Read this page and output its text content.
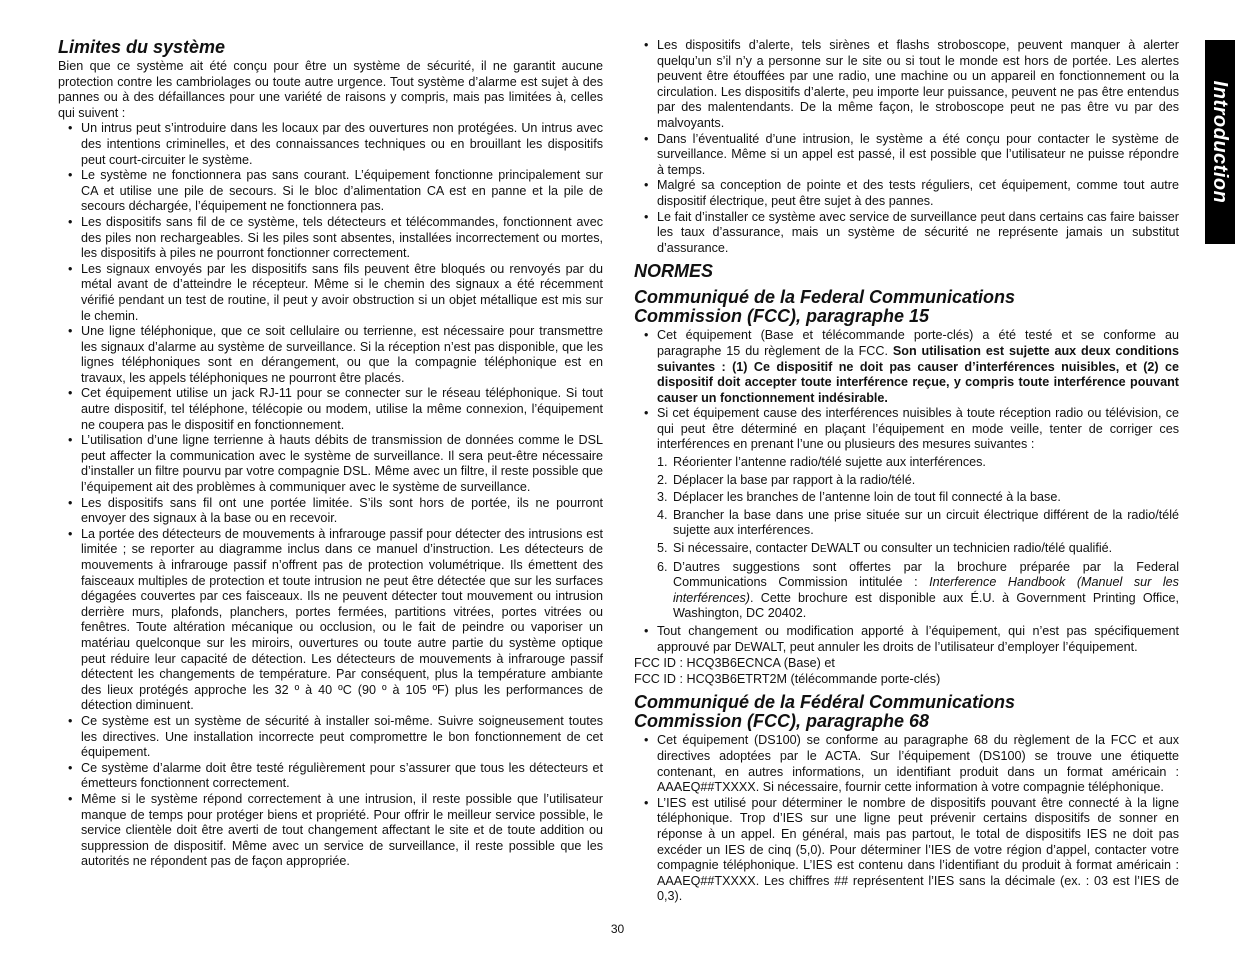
Introduction
Limites du système

Bien que ce système ait été conçu pour être un système de sécurité, il ne garantit aucune protection contre les cambriolages ou toute autre urgence. Tout système d’alarme est sujet à des pannes ou à des défaillances pour une variété de raisons y compris, mais pas limitées à, celles qui suivent :

• Un intrus peut s’introduire dans les locaux par des ouvertures non protégées. Un intrus avec des intentions criminelles, et des connaissances techniques ou en brouillant les dispositifs peut court-circuiter le système.
• Le système ne fonctionnera pas sans courant. L’équipement fonctionne principalement sur CA et utilise une pile de secours. Si le bloc d’alimentation CA est en panne et la pile de secours déchargée, l’équipement ne fonctionnera pas.
• Les dispositifs sans fil de ce système, tels détecteurs et télécommandes, fonctionnent avec des piles non rechargeables. Si les piles sont absentes, installées incorrectement ou mortes, les dispositifs à piles ne pourront fonctionner correctement.
• Les signaux envoyés par les dispositifs sans fils peuvent être bloqués ou renvoyés par du métal avant de d’atteindre le récepteur. Même si le chemin des signaux a été récemment vérifié pendant un test de routine, il peut y avoir obstruction si un objet métallique est mis sur le chemin.
• Une ligne téléphonique, que ce soit cellulaire ou terrienne, est nécessaire pour transmettre les signaux d’alarme au système de surveillance. Si la réception n’est pas disponible, que les lignes téléphoniques sont en dérangement, ou que la compagnie téléphonique est en travaux, les appels téléphoniques ne pourront être placés.
• Cet équipement utilise un jack RJ-11 pour se connecter sur le réseau téléphonique. Si tout autre dispositif, tel téléphone, télécopie ou modem, utilise la même connexion, l’équipement ne coupera pas le dispositif en fonctionnement.
• L’utilisation d’une ligne terrienne à hauts débits de transmission de données comme le DSL peut affecter la communication avec le système de surveillance. Il sera peut-être nécessaire d’installer un filtre pourvu par votre compagnie DSL. Même avec un filtre, il reste possible que l’équipement ait des problèmes à communiquer avec le système de surveillance.
• Les dispositifs sans fil ont une portée limitée. S’ils sont hors de portée, ils ne pourront envoyer des signaux à la base ou en recevoir.
• La portée des détecteurs de mouvements à infrarouge passif pour détecter des intrusions est limitée ; se reporter au diagramme inclus dans ce manuel d’instruction. Les détecteurs de mouvements à infrarouge passif n’offrent pas de protection volumétrique. Ils émettent des faisceaux multiples de protection et toute intrusion ne peut être détectée que sur les surfaces dégagées couvertes par ces faisceaux. Ils ne peuvent détecter tout mouvement ou intrusion derrière murs, plafonds, planchers, portes fermées, partitions vitrées, portes vitrées ou fenêtres. Toute altération mécanique ou occlusion, ou le fait de peindre ou vaporiser un matériau quelconque sur les miroirs, ouvertures ou toute autre partie du système optique peut réduire leur capacité de détection. Les détecteurs de mouvements à infrarouge passif détectent les changements de température. Par conséquent, plus la température ambiante des lieux protégés approche les 32 º à 40 ºC (90 º à 105 ºF) plus les performances de détection diminuent.
• Ce système est un système de sécurité à installer soi-même. Suivre soigneusement toutes les directives. Une installation incorrecte peut compromettre le bon fonctionnement de cet équipement.
• Ce système d’alarme doit être testé régulièrement pour s’assurer que tous les détecteurs et émetteurs fonctionnent correctement.
• Même si le système répond correctement à une intrusion, il reste possible que l’utilisateur manque de temps pour protéger biens et propriété. Pour offrir le meilleur service possible, le service clientèle doit être averti de tout changement affectant le site et de toute addition ou suppression de dispositif. Même avec un service de surveillance, il reste possible que les autorités ne répondent pas de façon appropriée.
• Les dispositifs d’alerte, tels sirènes et flashs stroboscope, peuvent manquer à alerter quelqu’un s’il n’y a personne sur le site ou si tout le monde est hors de portée. Les alertes peuvent être étouffées par une radio, une machine ou un appareil en fonctionnement ou la circulation. Les dispositifs d’alerte, peu importe leur puissance, peuvent ne pas être entendus par des malentendants. De la même façon, le stroboscope peut ne pas être vu par des malvoyants.
• Dans l’éventualité d’une intrusion, le système a été conçu pour contacter le système de surveillance. Même si un appel est passé, il est possible que l’utilisateur ne puisse répondre à temps.
• Malgré sa conception de pointe et des tests réguliers, cet équipement, comme tout autre dispositif électrique, peut être sujet à des pannes.
• Le fait d’installer ce système avec service de surveillance peut dans certains cas faire baisser les taux d’assurance, mais un système de sécurité ne représente jamais un substitut d’assurance.
NORMES
Communiqué de la Federal Communications
Commission (FCC), paragraphe 15
• Cet équipement (Base et télécommande porte-clés) a été testé et se conforme au paragraphe 15 du règlement de la FCC. Son utilisation est sujette aux deux conditions suivantes : (1) Ce dispositif ne doit pas causer d’interférences nuisibles, et (2) ce dispositif doit accepter toute interférence reçue, y compris toute interférence pouvant causer un fonctionnement indésirable.
• Si cet équipement cause des interférences nuisibles à toute réception radio ou télévision, ce qui peut être déterminé en plaçant l’équipement en mode veille, tenter de corriger ces interférences en prenant l’une ou plusieurs des mesures suivantes :
1. Réorienter l’antenne radio/télé sujette aux interférences.
2. Déplacer la base par rapport à la radio/télé.
3. Déplacer les branches de l’antenne loin de tout fil connecté à la base.
4. Brancher la base dans une prise située sur un circuit électrique différent de la radio/télé sujette aux interférences.
5. Si nécessaire, contacter DEWALT ou consulter un technicien radio/télé qualifié.
6. D’autres suggestions sont offertes par la brochure préparée par la Federal Communications Commission intitulée : Interference Handbook (Manuel sur les interférences). Cette brochure est disponible aux É.U. à Government Printing Office, Washington, DC 20402.
• Tout changement ou modification apporté à l’équipement, qui n’est pas spécifiquement approuvé par DEWALT, peut annuler les droits de l’utilisateur d’employer l’équipement.

FCC ID : HCQ3B6ECNCA (Base) et

FCC ID : HCQ3B6ETRT2M (télécommande porte-clés)

Communiqué de la Fédéral Communications
Commission (FCC), paragraphe 68
• Cet équipement (DS100) se conforme au paragraphe 68 du règlement de la FCC et aux directives adoptées par le ACTA. Sur l’équipement (DS100) se trouve une étiquette contenant, en autres informations, un identifiant produit dans un format américain : AAAEQ##TXXXX. Si nécessaire, fournir cette information à votre compagnie téléphonique.
• L’IES est utilisé pour déterminer le nombre de dispositifs pouvant être connecté à la ligne téléphonique. Trop d’IES sur une ligne peut prévenir certains dispositifs de sonner en réponse à un appel. En général, mais pas partout, le total de dispositifs IES ne doit pas excéder un IES de cinq (5,0). Pour déterminer l’IES de votre région d’appel, contacter votre compagnie téléphonique. L’IES est contenu dans l’identifiant du produit à format américain : AAAEQ##TXXXX. Les chiffres ## représentent l’IES sans la décimale (ex. : 03 est l’IES de 0,3).
30
